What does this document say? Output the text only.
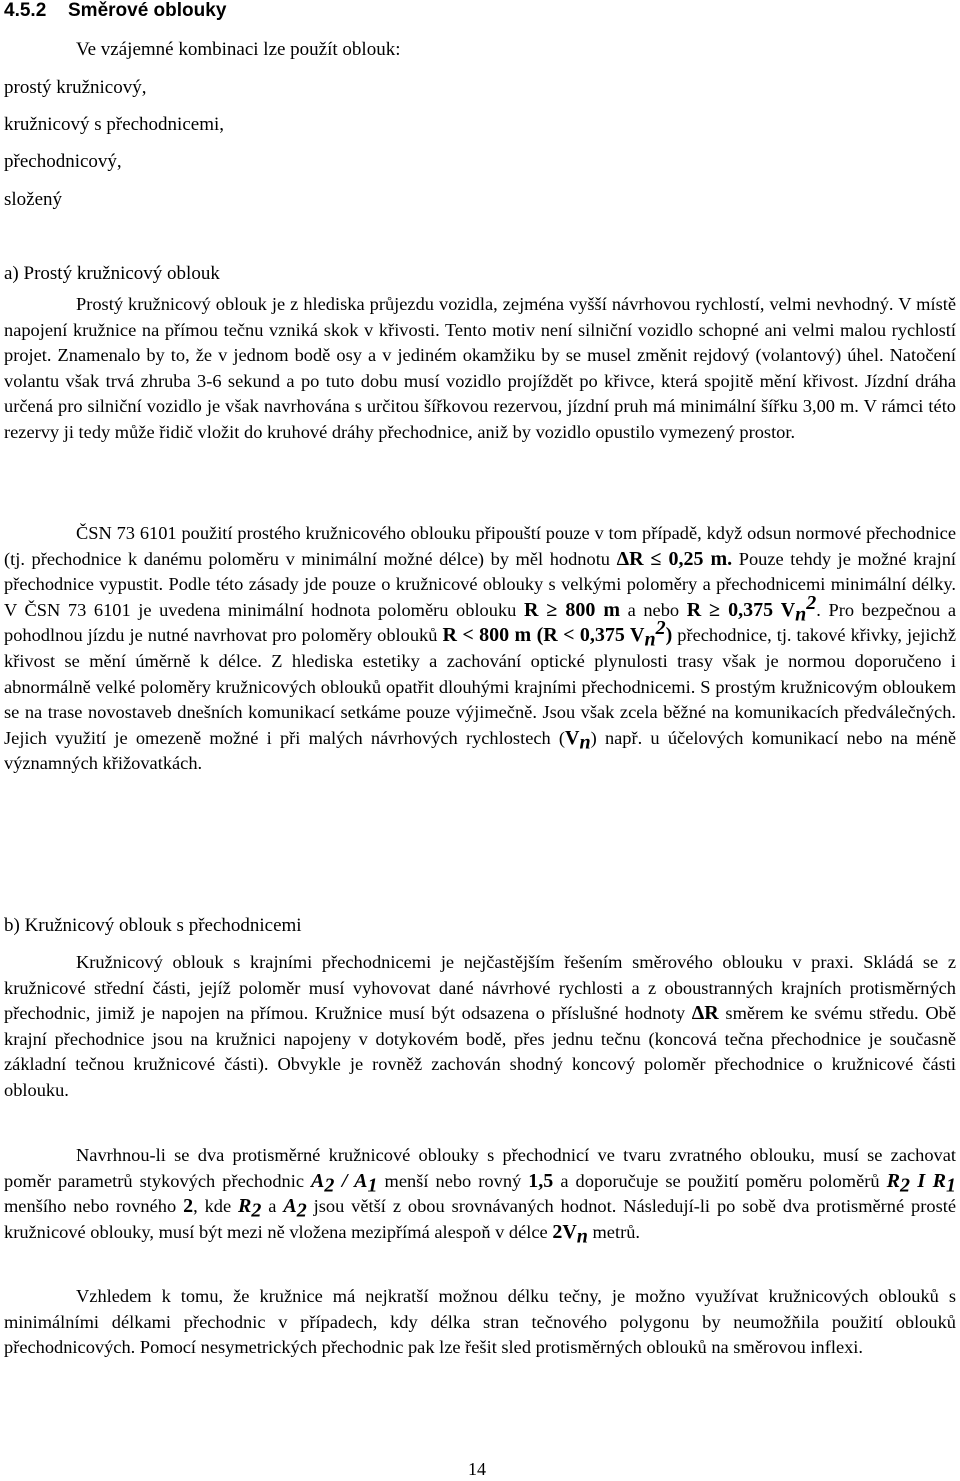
4.5.2 Směrové oblouky

Ve vzájemné kombinaci lze použít oblouk:

prostý kružnicový,

kružnicový s přechodnicemi,

přechodnicový,

složený

a) Prostý kružnicový oblouk

Prostý kružnicový oblouk je z hlediska průjezdu vozidla, zejména vyšší návrhovou rychlostí, velmi nevhodný. V místě napojení kružnice na přímou tečnu vzniká skok v křivosti. Tento motiv není silniční vozidlo schopné ani velmi malou rychlostí projet. Znamenalo by to, že v jednom bodě osy a v jediném okamžiku by se musel změnit rejdový (volantový) úhel. Natočení volantu však trvá zhruba 3-6 sekund a po tuto dobu musí vozidlo projíždět po křivce, která spojitě mění křivost. Jízdní dráha určená pro silniční vozidlo je však navrhována s určitou šířkovou rezervou, jízdní pruh má minimální šířku 3,00 m. V rámci této rezervy ji tedy může řidič vložit do kruhové dráhy přechodnice, aniž by vozidlo opustilo vymezený prostor.

ČSN 73 6101 použití prostého kružnicového oblouku připouští pouze v tom případě, když odsun normové přechodnice (tj. přechodnice k danému poloměru v minimální možné délce) by měl hodnotu ΔR ≤ 0,25 m. Pouze tehdy je možné krajní přechodnice vypustit. Podle této zásady jde pouze o kružnicové oblouky s velkými poloměry a přechodnicemi minimální délky. V ČSN 73 6101 je uvedena minimální hodnota poloměru oblouku R ≥ 800 m a nebo R ≥ 0,375 $V_n^2$. Pro bezpečnou a pohodlnou jízdu je nutné navrhovat pro poloměry oblouků R < 800 m (R < 0,375 $V_n^2$) přechodnice, tj. takové křivky, jejichž křivost se mění úměrně k délce. Z hlediska estetiky a zachování optické plynulosti trasy však je normou doporučeno i abnormálně velké poloměry kružnicových oblouků opatřit dlouhými krajními přechodnicemi. S prostým kružnicovým obloukem se na trase novostaveb dnešních komunikací setkáme pouze výjimečně. Jsou však zcela běžné na komunikacích předválečných. Jejich využití je omezeně možné i při malých návrhových rychlostech $(V_n)$ např. u účelových komunikací nebo na méně významných křižovatkách.

b) Kružnicový oblouk s přechodnicemi

Kružnicový oblouk s krajními přechodnicemi je nejčastějším řešením směrového oblouku v praxi. Skládá se z kružnicové střední části, jejíž poloměr musí vyhovovat dané návrhové rychlosti a z oboustranných krajních protisměrných přechodnic, jimiž je napojen na přímou. Kružnice musí být odsazena o příslušné hodnoty ΔR směrem ke svému středu. Obě krajní přechodnice jsou na kružnici napojeny v dotykovém bodě, přes jednu tečnu (koncová tečna přechodnice je současně základní tečnou kružnicové části). Obvykle je rovněž zachován shodný koncový poloměr přechodnice o kružnicové části oblouku.

Navrhnou-li se dva protisměrné kružnicové oblouky s přechodnicí ve tvaru zvratného oblouku, musí se zachovat poměr parametrů stykových přechodnic $A_2 / A_1$ menší nebo rovný 1,5 a doporučuje se použití poměru poloměrů $R_2$ I $R_1$ menšího nebo rovného 2, kde $R_2$ a $A_2$ jsou větší z obou srovnávaných hodnot. Následují-li po sobě dva protisměrné prosté kružnicové oblouky, musí být mezi ně vložena mezipřímá alespoň v délce $2V_n$ metrů.

Vzhledem k tomu, že kružnice má nejkratší možnou délku tečny, je možno využívat kružnicových oblouků s minimálními délkami přechodnic v případech, kdy délka stran tečnového polygonu by neumožňila použití oblouků přechodnicových. Pomocí nesymetrických přechodnic pak lze řešit sled protisměrných oblouků na směrovou inflexi.

14
